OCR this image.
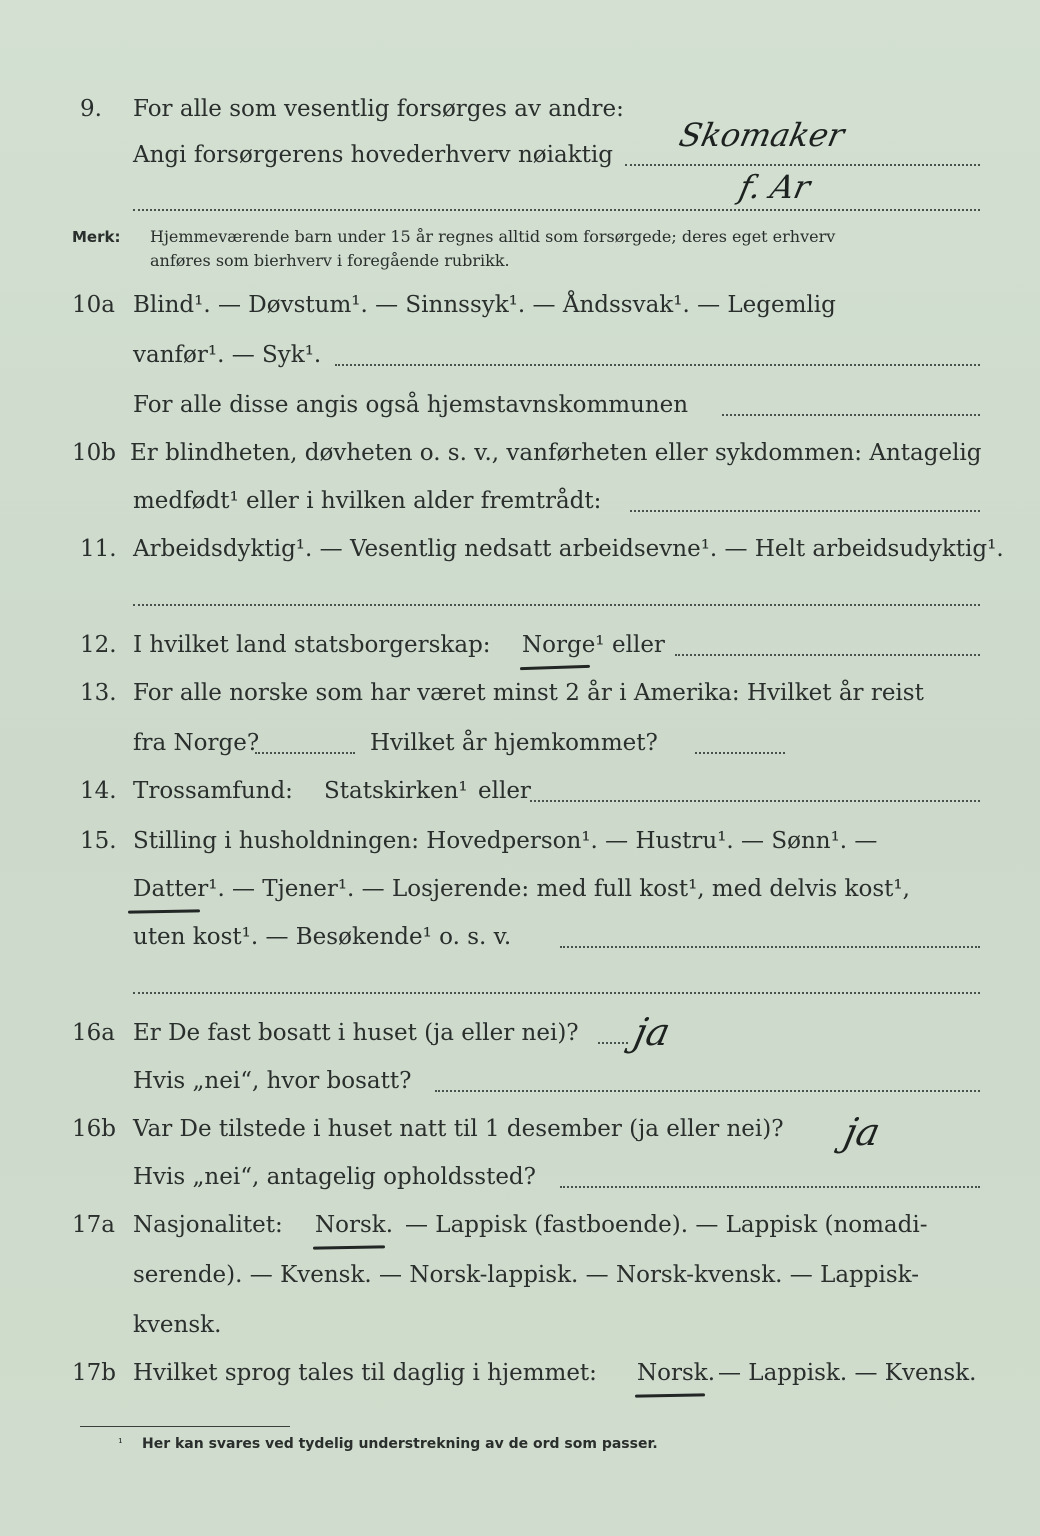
9. For alle som vesentlig forsørges av andre:
Angi forsørgerens hovederhverv nøiaktig
Skomaker
f. Ar
Merk: Hjemmeværende barn under 15 år regnes alltid som forsørgede; deres eget erhverv
anføres som bierhverv i foregående rubrikk.
10a Blind¹. — Døvstum¹. — Sinnssyk¹. — Åndssvak¹. — Legemlig
vanfør¹. — Syk¹.
For alle disse angis også hjemstavnskommunen
10b Er blindheten, døvheten o. s. v., vanførheten eller sykdommen: Antagelig
medfødt¹ eller i hvilken alder fremtrådt:
11. Arbeidsdyktig¹. — Vesentlig nedsatt arbeidsevne¹. — Helt arbeidsudyktig¹.
12. I hvilket land statsborgerskap: Norge¹ eller
13. For alle norske som har været minst 2 år i Amerika: Hvilket år reist
fra Norge?	Hvilket år hjemkommet?
14. Trossamfund: Statskirken¹ eller
15. Stilling i husholdningen: Hovedperson¹. — Hustru¹. — Sønn¹. —
Datter¹. — Tjener¹. — Losjerende: med full kost¹, med delvis kost¹,
uten kost¹. — Besøkende¹ o. s. v.
16a Er De fast bosatt i huset (ja eller nei)? ja
Hvis „nei“, hvor bosatt?
16b Var De tilstede i huset natt til 1 desember (ja eller nei)? ja
Hvis „nei“, antagelig opholdssted?
17a Nasjonalitet: Norsk. — Lappisk (fastboende). — Lappisk (nomadi-
serende). — Kvensk. — Norsk-lappisk. — Norsk-kvensk. — Lappisk-
kvensk.
17b Hvilket sprog tales til daglig i hjemmet: Norsk. — Lappisk. — Kvensk.
¹ Her kan svares ved tydelig understrekning av de ord som passer.
